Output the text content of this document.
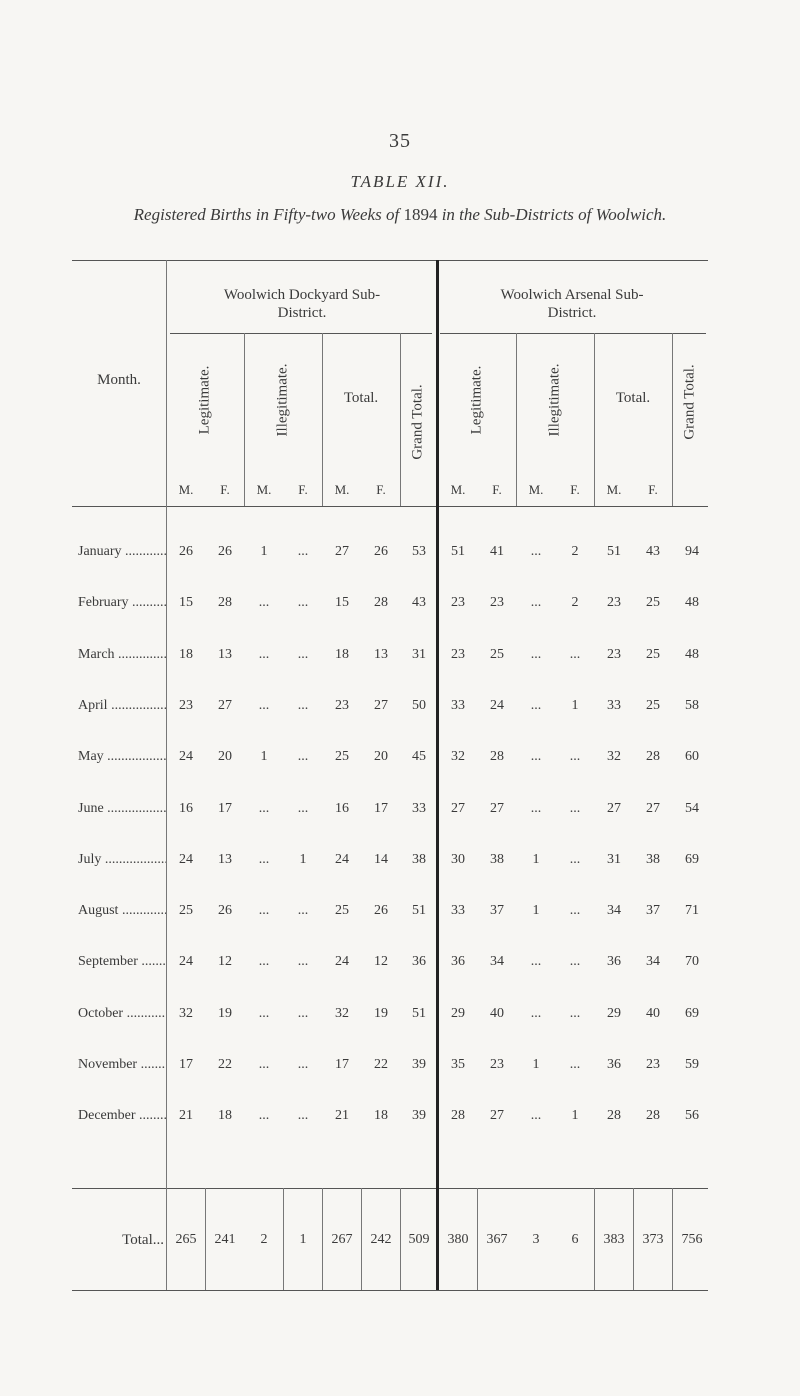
35
TABLE XII.
Registered Births in Fifty-two Weeks of 1894 in the Sub-Districts of Woolwich.
Month.
Woolwich Dockyard Sub-District.
Woolwich Arsenal Sub-District.
Legitimate.	Illegitimate.	Total.	Grand Total.	Legitimate.	Illegitimate.	Total.	Grand Total.
M.	F.	M.	F.	M.	F.	M.	F.	M.	F.	M.	F.
January .....	26	26	1	...	27	26	53	51	41	...	2	51	43	94
February .....	15	28	...	...	15	28	43	23	23	...	2	23	25	48
March .....	18	13	...	...	18	13	31	23	25	...	...	23	25	48
April .....	23	27	...	...	23	27	50	33	24	...	1	33	25	58
May .....	24	20	1	...	25	20	45	32	28	...	...	32	28	60
June .....	16	17	...	...	16	17	33	27	27	...	...	27	27	54
July .....	24	13	...	1	24	14	38	30	38	1	...	31	38	69
August .....	25	26	...	...	25	26	51	33	37	1	...	34	37	71
September .....	24	12	...	...	24	12	36	36	34	...	...	36	34	70
October .....	32	19	...	...	32	19	51	29	40	...	...	29	40	69
November .....	17	22	...	...	17	22	39	35	23	1	...	36	23	59
December .....	21	18	...	...	21	18	39	28	27	...	1	28	28	56
Total... 265	241	2	1	267	242	509	380	367	3	6	383	373	756
